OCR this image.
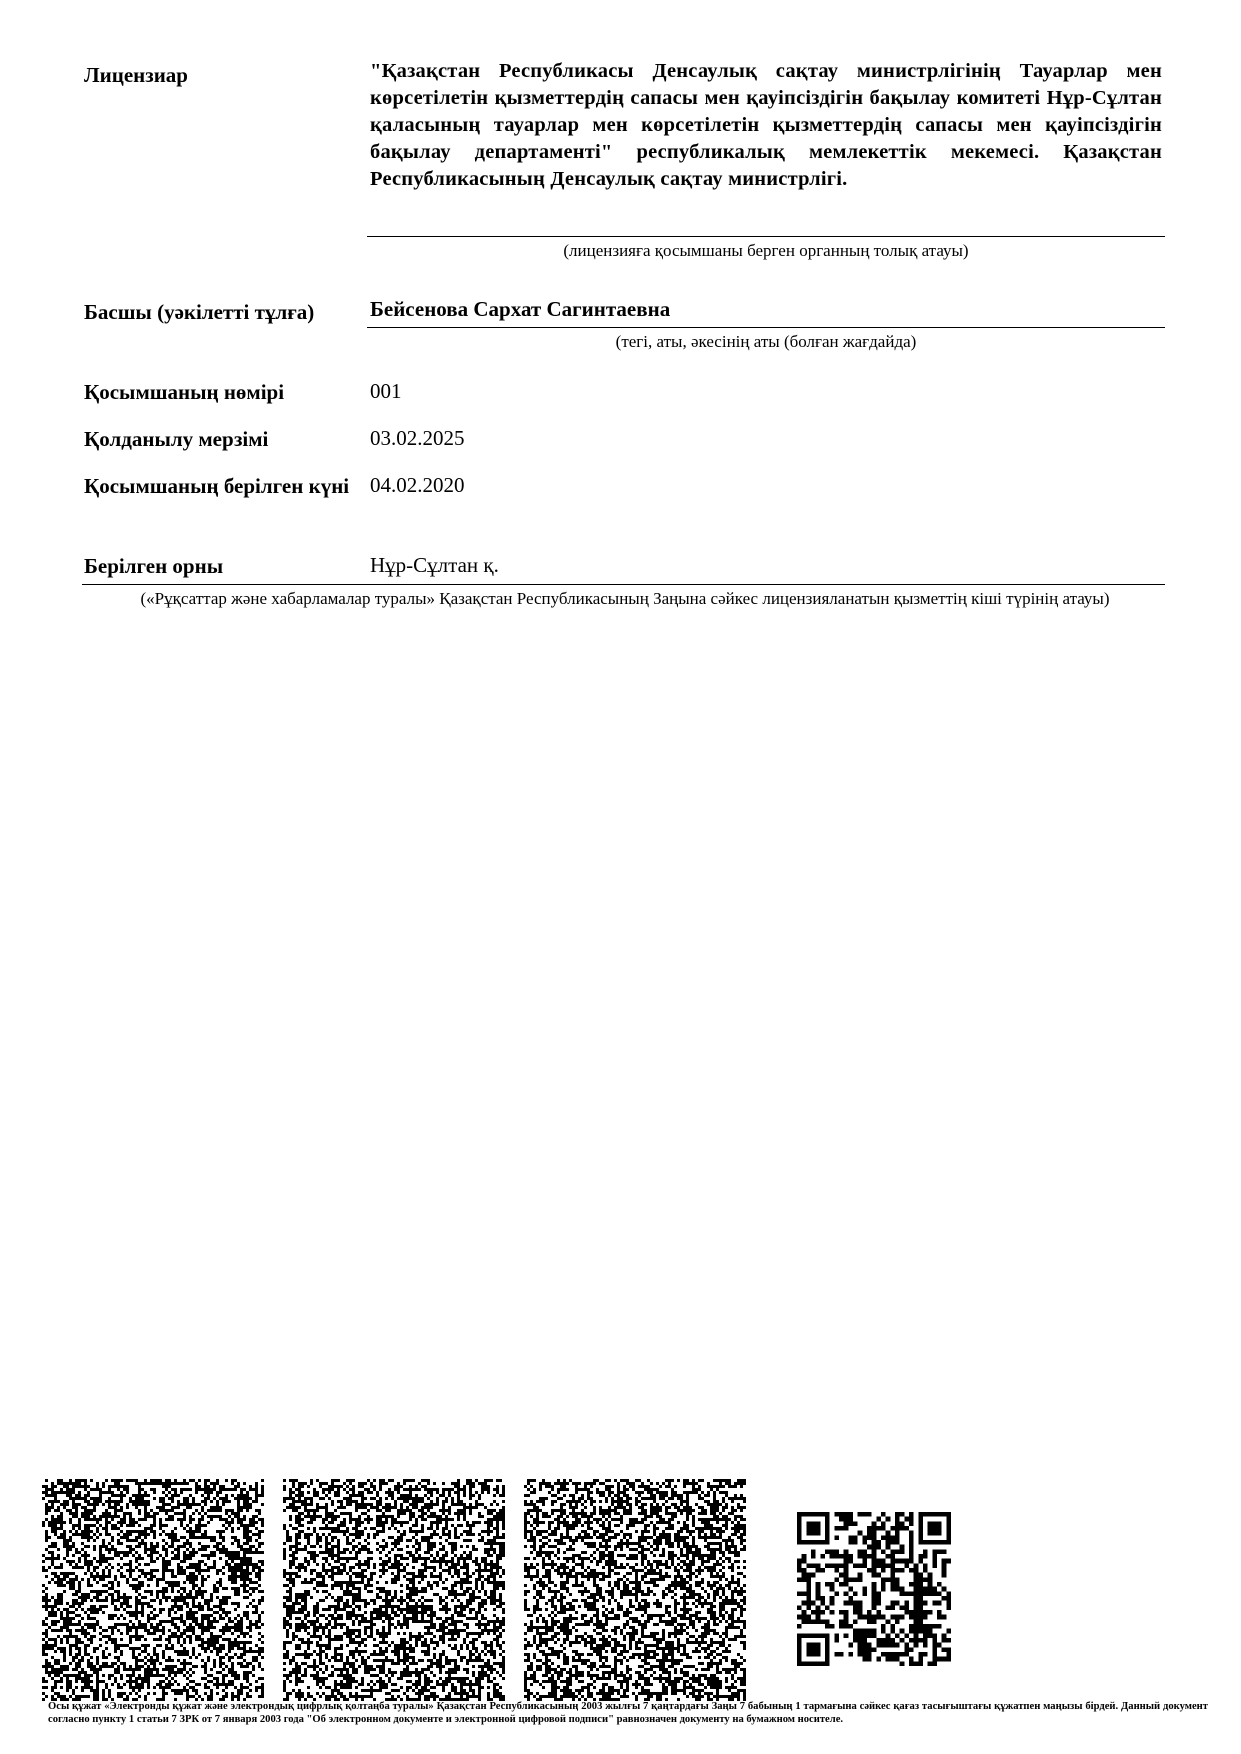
Лицензиар	"Қазақстан Республикасы Денсаулық сақтау министрлігінің Тауарлар мен көрсетілетін қызметтердің сапасы мен қауіпсіздігін бақылау комитеті Нұр-Сұлтан қаласының тауарлар мен көрсетілетін қызметтердің сапасы мен қауіпсіздігін бақылау департаменті" республикалық мемлекеттік мекемесі. Қазақстан Республикасының Денсаулық сақтау министрлігі.
(лицензияға қосымшаны берген органның толық атауы)
Басшы (уәкілетті тұлға)	Бейсенова Сархат Сагинтаевна
(тегі, аты, әкесінің аты (болған жағдайда)
Қосымшаның нөмірі	001
Қолданылу мерзімі	03.02.2025
Қосымшаның берілген күні 04.02.2020
Берілген орны	Нұр-Сұлтан қ.
(«Рұқсаттар және хабарламалар туралы» Қазақстан Республикасының Заңына сәйкес лицензияланатын қызметтің кіші түрінің атауы)
Осы құжат «Электронды құжат және электрондық цифрлық қолтаңба туралы» Қазақстан Республикасының 2003 жылғы 7 қаңтардағы Заңы 7 бабының 1 тармағына сәйкес қағаз тасығыштағы құжатпен маңызы бірдей. Данный документ согласно пункту 1 статьи 7 ЗРК от 7 января 2003 года "Об электронном документе и электронной цифровой подписи" равнозначен документу на бумажном носителе.
